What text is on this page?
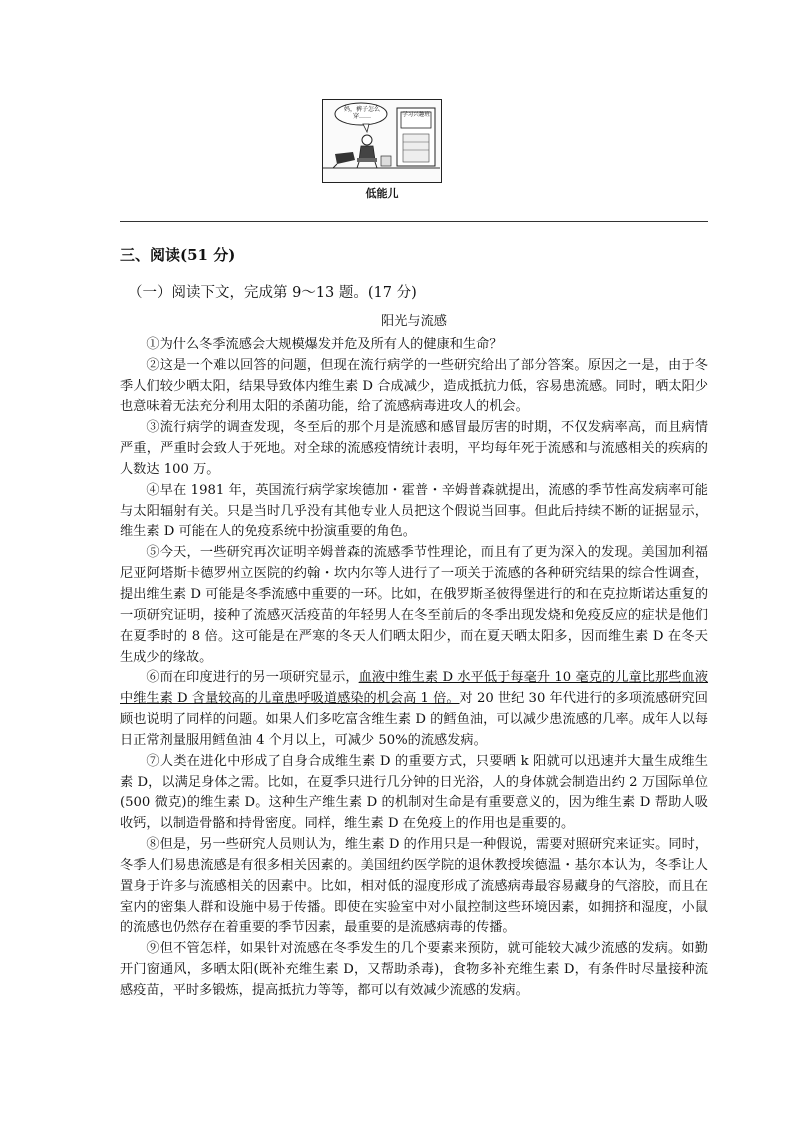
妈，裤子怎么穿……	学习兴趣班
低能儿
三、阅读(51 分)
（一）阅读下文，完成第 9～13 题。(17 分)
阳光与流感

①为什么冬季流感会大规模爆发并危及所有人的健康和生命？

②这是一个难以回答的问题，但现在流行病学的一些研究给出了部分答案。原因之一是，由于冬季人们较少晒太阳，结果导致体内维生素 D 合成减少，造成抵抗力低，容易患流感。同时，晒太阳少也意味着无法充分利用太阳的杀菌功能，给了流感病毒进攻人的机会。

③流行病学的调查发现，冬至后的那个月是流感和感冒最厉害的时期，不仅发病率高，而且病情严重，严重时会致人于死地。对全球的流感疫情统计表明，平均每年死于流感和与流感相关的疾病的人数达 100 万。

④早在 1981 年，英国流行病学家埃德加・霍普・辛姆普森就提出，流感的季节性高发病率可能与太阳辐射有关。只是当时几乎没有其他专业人员把这个假说当回事。但此后持续不断的证据显示，维生素 D 可能在人的免疫系统中扮演重要的角色。

⑤今天，一些研究再次证明辛姆普森的流感季节性理论，而且有了更为深入的发现。美国加利福尼亚阿塔斯卡德罗州立医院的约翰・坎内尔等人进行了一项关于流感的各种研究结果的综合性调查，提出维生素 D 可能是冬季流感中重要的一环。比如，在俄罗斯圣彼得堡进行的和在克拉斯诺达重复的一项研究证明，接种了流感灭活疫苗的年轻男人在冬至前后的冬季出现发烧和免疫反应的症状是他们在夏季时的 8 倍。这可能是在严寒的冬天人们晒太阳少，而在夏天晒太阳多，因而维生素 D 在冬天生成少的缘故。

⑥而在印度进行的另一项研究显示，血液中维生素 D 水平低于每毫升 10 毫克的儿童比那些血液中维生素 D 含量较高的儿童患呼吸道感染的机会高 1 倍。对 20 世纪 30 年代进行的多项流感研究回顾也说明了同样的问题。如果人们多吃富含维生素 D 的鳕鱼油，可以减少患流感的几率。成年人以每日正常剂量服用鳕鱼油 4 个月以上，可减少 50%的流感发病。

⑦人类在进化中形成了自身合成维生素 D 的重要方式，只要晒 k 阳就可以迅速并大量生成维生素 D，以满足身体之需。比如，在夏季只进行几分钟的日光浴，人的身体就会制造出约 2 万国际单位(500 微克)的维生素 D。这种生产维生素 D 的机制对生命是有重要意义的，因为维生素 D 帮助人吸收钙，以制造骨骼和持骨密度。同样，维生素 D 在免疫上的作用也是重要的。

⑧但是，另一些研究人员则认为，维生素 D 的作用只是一种假说，需要对照研究来证实。同时，冬季人们易患流感是有很多相关因素的。美国纽约医学院的退休教授埃德温・基尔本认为，冬季让人置身于许多与流感相关的因素中。比如，相对低的湿度形成了流感病毒最容易藏身的气溶胶，而且在室内的密集人群和设施中易于传播。即使在实验室中对小鼠控制这些环境因素，如拥挤和湿度，小鼠的流感也仍然存在着重要的季节因素，最重要的是流感病毒的传播。

⑨但不管怎样，如果针对流感在冬季发生的几个要素来预防，就可能较大减少流感的发病。如勤开门窗通风，多晒太阳(既补充维生素 D，又帮助杀毒)，食物多补充维生素 D，有条件时尽量接种流感疫苗，平时多锻炼，提高抵抗力等等，都可以有效减少流感的发病。
